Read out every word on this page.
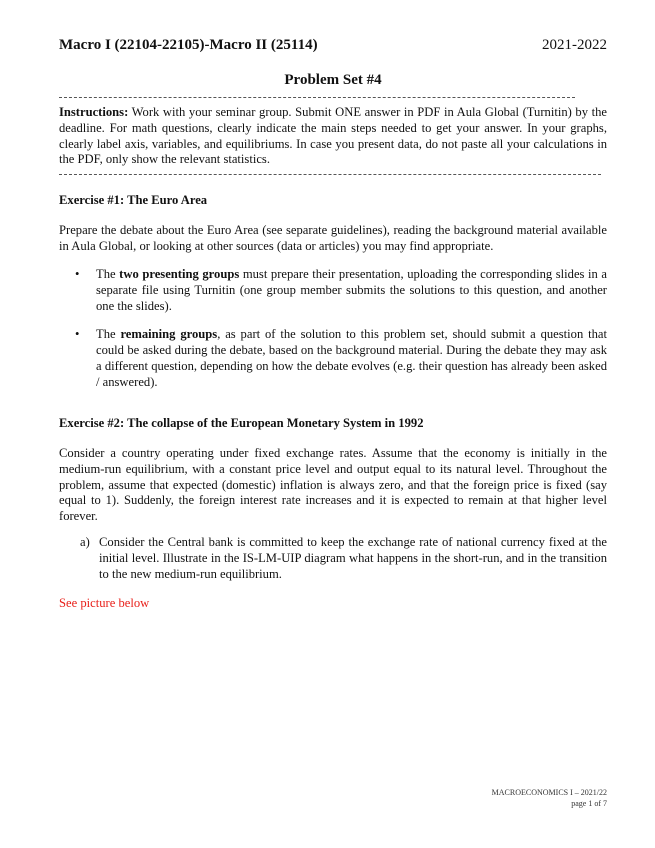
Macro I (22104-22105)-Macro II (25114)	2021-2022
Problem Set #4
Instructions: Work with your seminar group. Submit ONE answer in PDF in Aula Global (Turnitin) by the deadline. For math questions, clearly indicate the main steps needed to get your answer. In your graphs, clearly label axis, variables, and equilibriums. In case you present data, do not paste all your calculations in the PDF, only show the relevant statistics.
Exercise #1: The Euro Area

Prepare the debate about the Euro Area (see separate guidelines), reading the background material available in Aula Global, or looking at other sources (data or articles) you may find appropriate.

• The two presenting groups must prepare their presentation, uploading the corresponding slides in a separate file using Turnitin (one group member submits the solutions to this question, and another one the slides).
• The remaining groups, as part of the solution to this problem set, should submit a question that could be asked during the debate, based on the background material. During the debate they may ask a different question, depending on how the debate evolves (e.g. their question has already been asked / answered).
Exercise #2: The collapse of the European Monetary System in 1992

Consider a country operating under fixed exchange rates. Assume that the economy is initially in the medium-run equilibrium, with a constant price level and output equal to its natural level. Throughout the problem, assume that expected (domestic) inflation is always zero, and that the foreign price is fixed (say equal to 1). Suddenly, the foreign interest rate increases and it is expected to remain at that higher level forever.

a) Consider the Central bank is committed to keep the exchange rate of national currency fixed at the initial level. Illustrate in the IS-LM-UIP diagram what happens in the short-run, and in the transition to the new medium-run equilibrium.

See picture below

MACROECONOMICS I – 2021/22
page 1 of 7
